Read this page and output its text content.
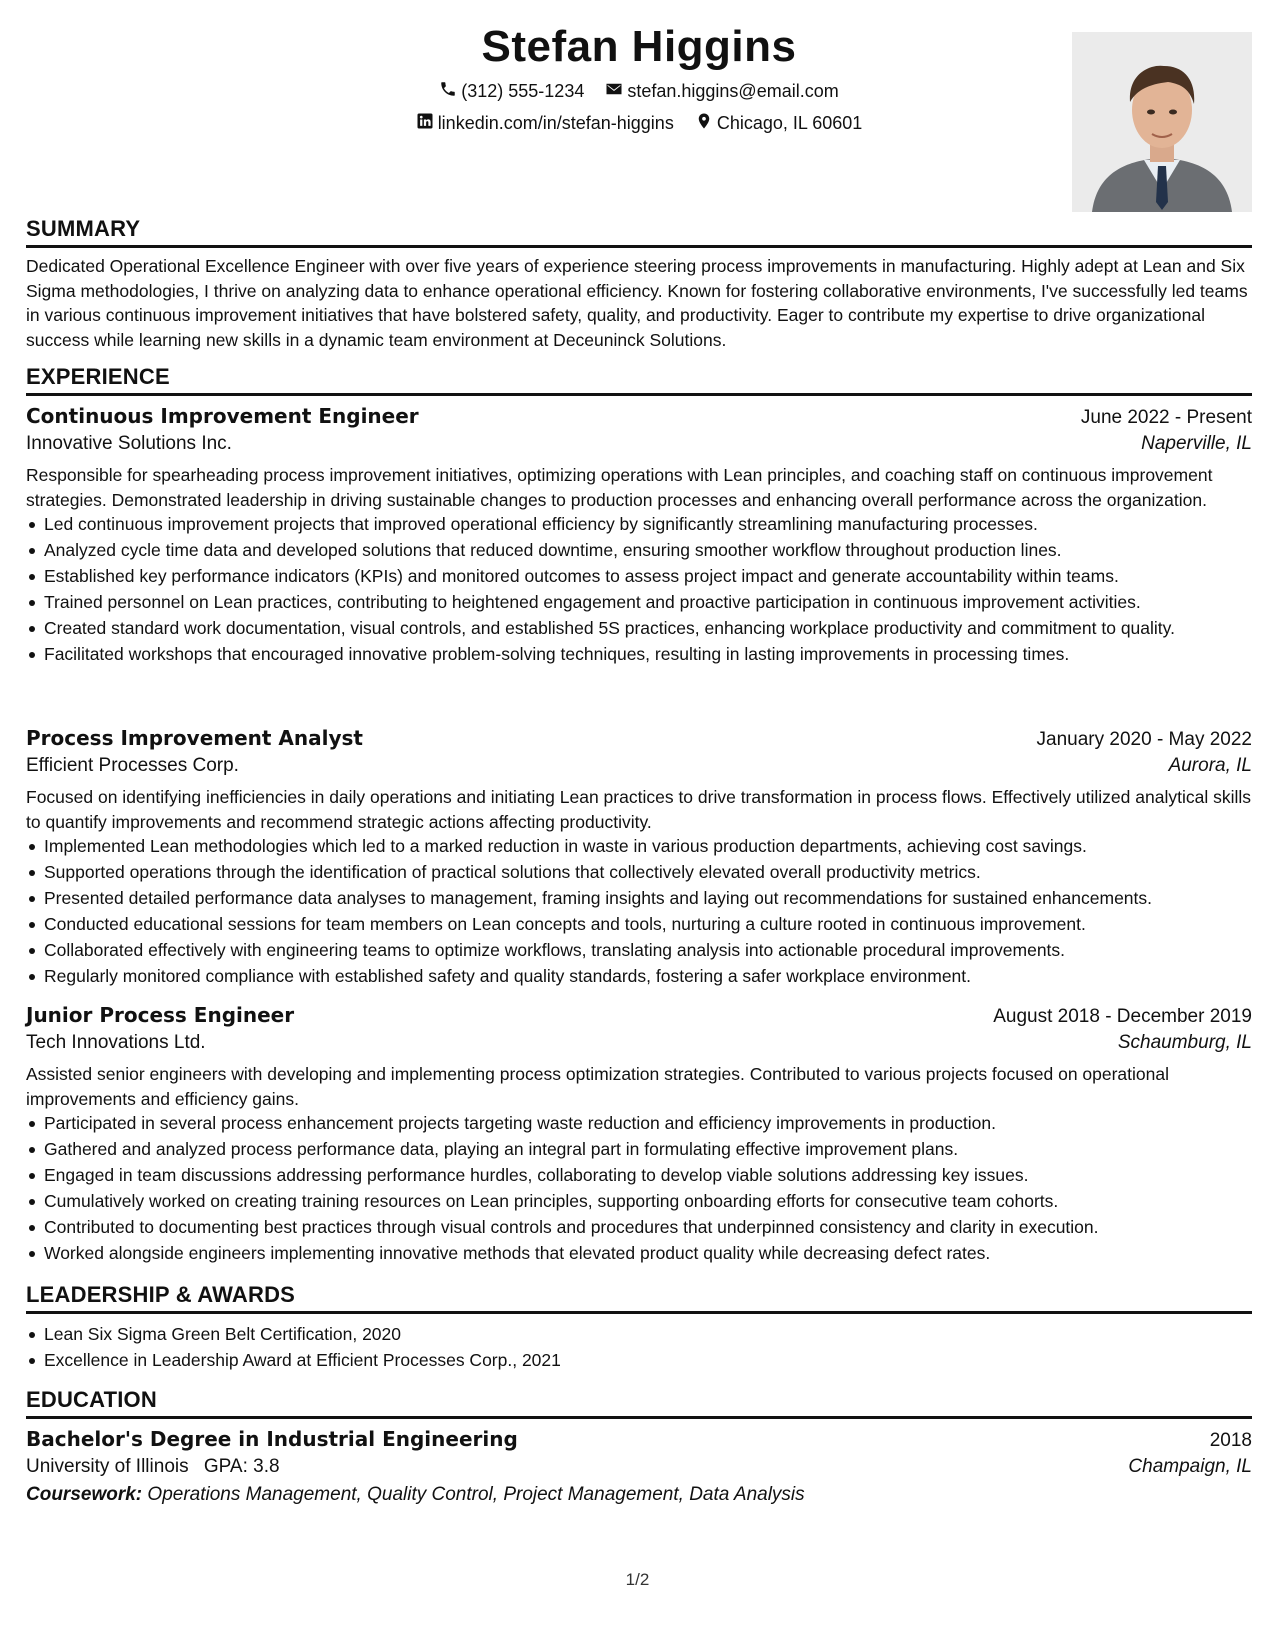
Stefan Higgins
(312) 555-1234
stefan.higgins@email.com
linkedin.com/in/stefan-higgins
Chicago, IL 60601
SUMMARY

Dedicated Operational Excellence Engineer with over five years of experience steering process improvements in manufacturing. Highly adept at Lean and Six Sigma methodologies, I thrive on analyzing data to enhance operational efficiency. Known for fostering collaborative environments, I've successfully led teams in various continuous improvement initiatives that have bolstered safety, quality, and productivity. Eager to contribute my expertise to drive organizational success while learning new skills in a dynamic team environment at Deceuninck Solutions.

EXPERIENCE
Continuous Improvement Engineer	June 2022 - Present
Innovative Solutions Inc.	Naperville, IL

Responsible for spearheading process improvement initiatives, optimizing operations with Lean principles, and coaching staff on continuous improvement strategies. Demonstrated leadership in driving sustainable changes to production processes and enhancing overall performance across the organization.

Led continuous improvement projects that improved operational efficiency by significantly streamlining manufacturing processes.
Analyzed cycle time data and developed solutions that reduced downtime, ensuring smoother workflow throughout production lines.
Established key performance indicators (KPIs) and monitored outcomes to assess project impact and generate accountability within teams.
Trained personnel on Lean practices, contributing to heightened engagement and proactive participation in continuous improvement activities.
Created standard work documentation, visual controls, and established 5S practices, enhancing workplace productivity and commitment to quality.
Facilitated workshops that encouraged innovative problem-solving techniques, resulting in lasting improvements in processing times.
Process Improvement Analyst	January 2020 - May 2022
Efficient Processes Corp.	Aurora, IL

Focused on identifying inefficiencies in daily operations and initiating Lean practices to drive transformation in process flows. Effectively utilized analytical skills to quantify improvements and recommend strategic actions affecting productivity.

Implemented Lean methodologies which led to a marked reduction in waste in various production departments, achieving cost savings.
Supported operations through the identification of practical solutions that collectively elevated overall productivity metrics.
Presented detailed performance data analyses to management, framing insights and laying out recommendations for sustained enhancements.
Conducted educational sessions for team members on Lean concepts and tools, nurturing a culture rooted in continuous improvement.
Collaborated effectively with engineering teams to optimize workflows, translating analysis into actionable procedural improvements.
Regularly monitored compliance with established safety and quality standards, fostering a safer workplace environment.
Junior Process Engineer	August 2018 - December 2019
Tech Innovations Ltd.	Schaumburg, IL

Assisted senior engineers with developing and implementing process optimization strategies. Contributed to various projects focused on operational improvements and efficiency gains.

Participated in several process enhancement projects targeting waste reduction and efficiency improvements in production.
Gathered and analyzed process performance data, playing an integral part in formulating effective improvement plans.
Engaged in team discussions addressing performance hurdles, collaborating to develop viable solutions addressing key issues.
Cumulatively worked on creating training resources on Lean principles, supporting onboarding efforts for consecutive team cohorts.
Contributed to documenting best practices through visual controls and procedures that underpinned consistency and clarity in execution.
Worked alongside engineers implementing innovative methods that elevated product quality while decreasing defect rates.
LEADERSHIP & AWARDS
Lean Six Sigma Green Belt Certification, 2020
Excellence in Leadership Award at Efficient Processes Corp., 2021
EDUCATION
Bachelor's Degree in Industrial Engineering	2018
University of Illinois GPA: 3.8	Champaign, IL
Coursework: Operations Management, Quality Control, Project Management, Data Analysis
1/2
